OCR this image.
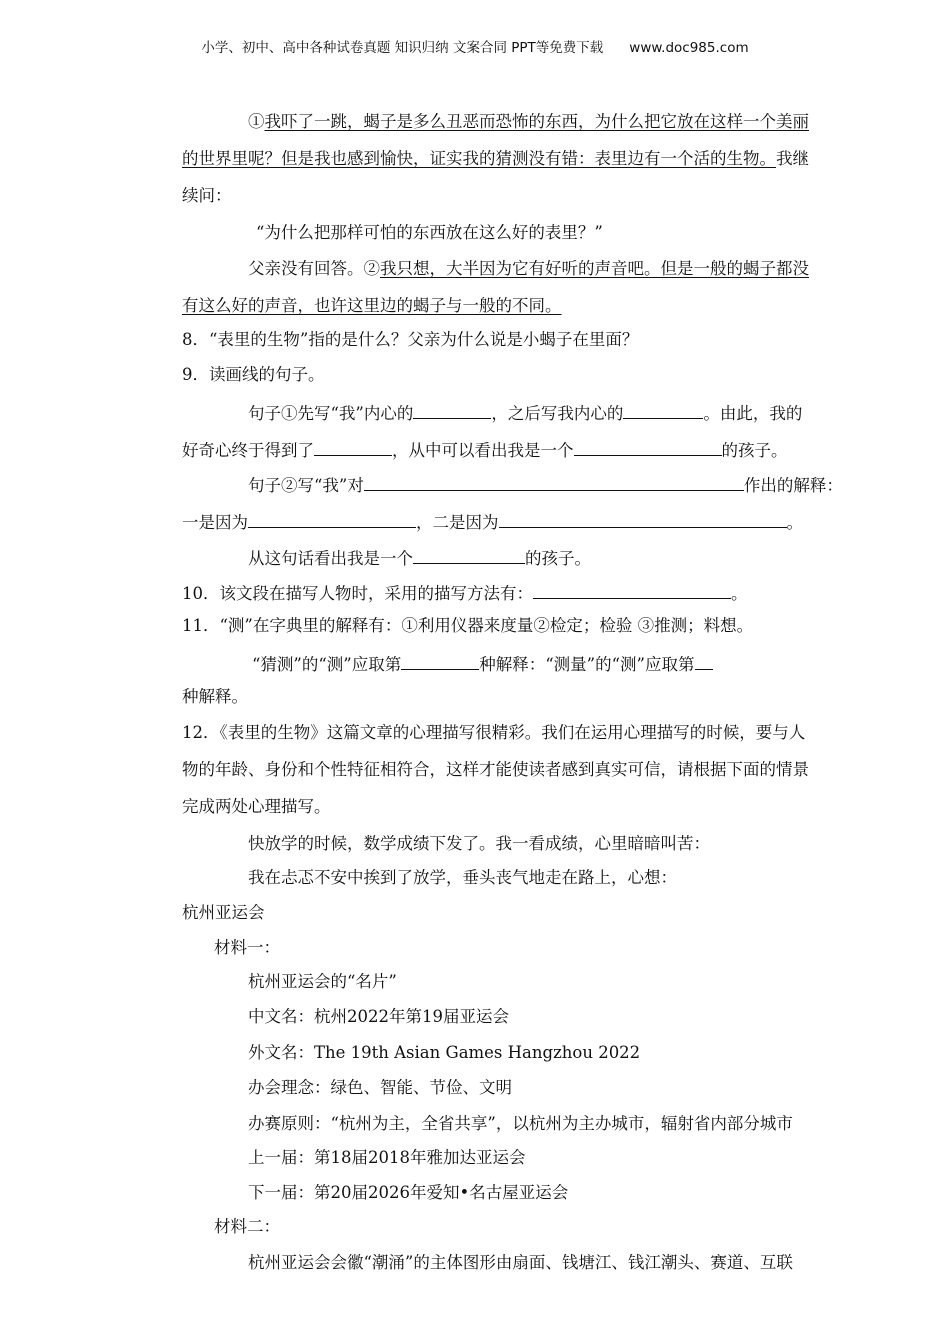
小学、初中、高中各种试卷真题 知识归纳 文案合同 PPT等免费下载 www.doc985.com
①我吓了一跳，蝎子是多么丑恶而恐怖的东西，为什么把它放在这样一个美丽
的世界里呢？但是我也感到愉快，证实我的猜测没有错：表里边有一个活的生物。我继
续问：
“为什么把那样可怕的东西放在这么好的表里？”
父亲没有回答。②我只想，大半因为它有好听的声音吧。但是一般的蝎子都没
有这么好的声音，也许这里边的蝎子与一般的不同。
8．“表里的生物”指的是什么？父亲为什么说是小蝎子在里面？
9．读画线的句子。
句子①先写“我”内心的	，之后写我内心的	。由此，我的
好奇心终于得到了	，从中可以看出我是一个	的孩子。
句子②写“我”对	作出的解释：
一是因为	，二是因为	。
从这句话看出我是一个	的孩子。
10．该文段在描写人物时，采用的描写方法有：	。
11．“测”在字典里的解释有：①利用仪器来度量②检定；检验 ③推测；料想。
“猜测”的“测”应取第	种解释：“测量”的“测”应取第
种解释。
12．《表里的生物》这篇文章的心理描写很精彩。我们在运用心理描写的时候，要与人
物的年龄、身份和个性特征相符合，这样才能使读者感到真实可信，请根据下面的情景
完成两处心理描写。
快放学的时候，数学成绩下发了。我一看成绩，心里暗暗叫苦：
我在忐忑不安中挨到了放学，垂头丧气地走在路上，心想：
杭州亚运会
材料一：
杭州亚运会的“名片”
中文名：杭州2022年第19届亚运会
外文名：The 19th Asian Games Hangzhou 2022
办会理念：绿色、智能、节俭、文明
办赛原则：“杭州为主，全省共享”，以杭州为主办城市，辐射省内部分城市
上一届：第18届2018年雅加达亚运会
下一届：第20届2026年爱知•名古屋亚运会
材料二：
杭州亚运会会徽“潮涌”的主体图形由扇面、钱塘江、钱江潮头、赛道、互联
